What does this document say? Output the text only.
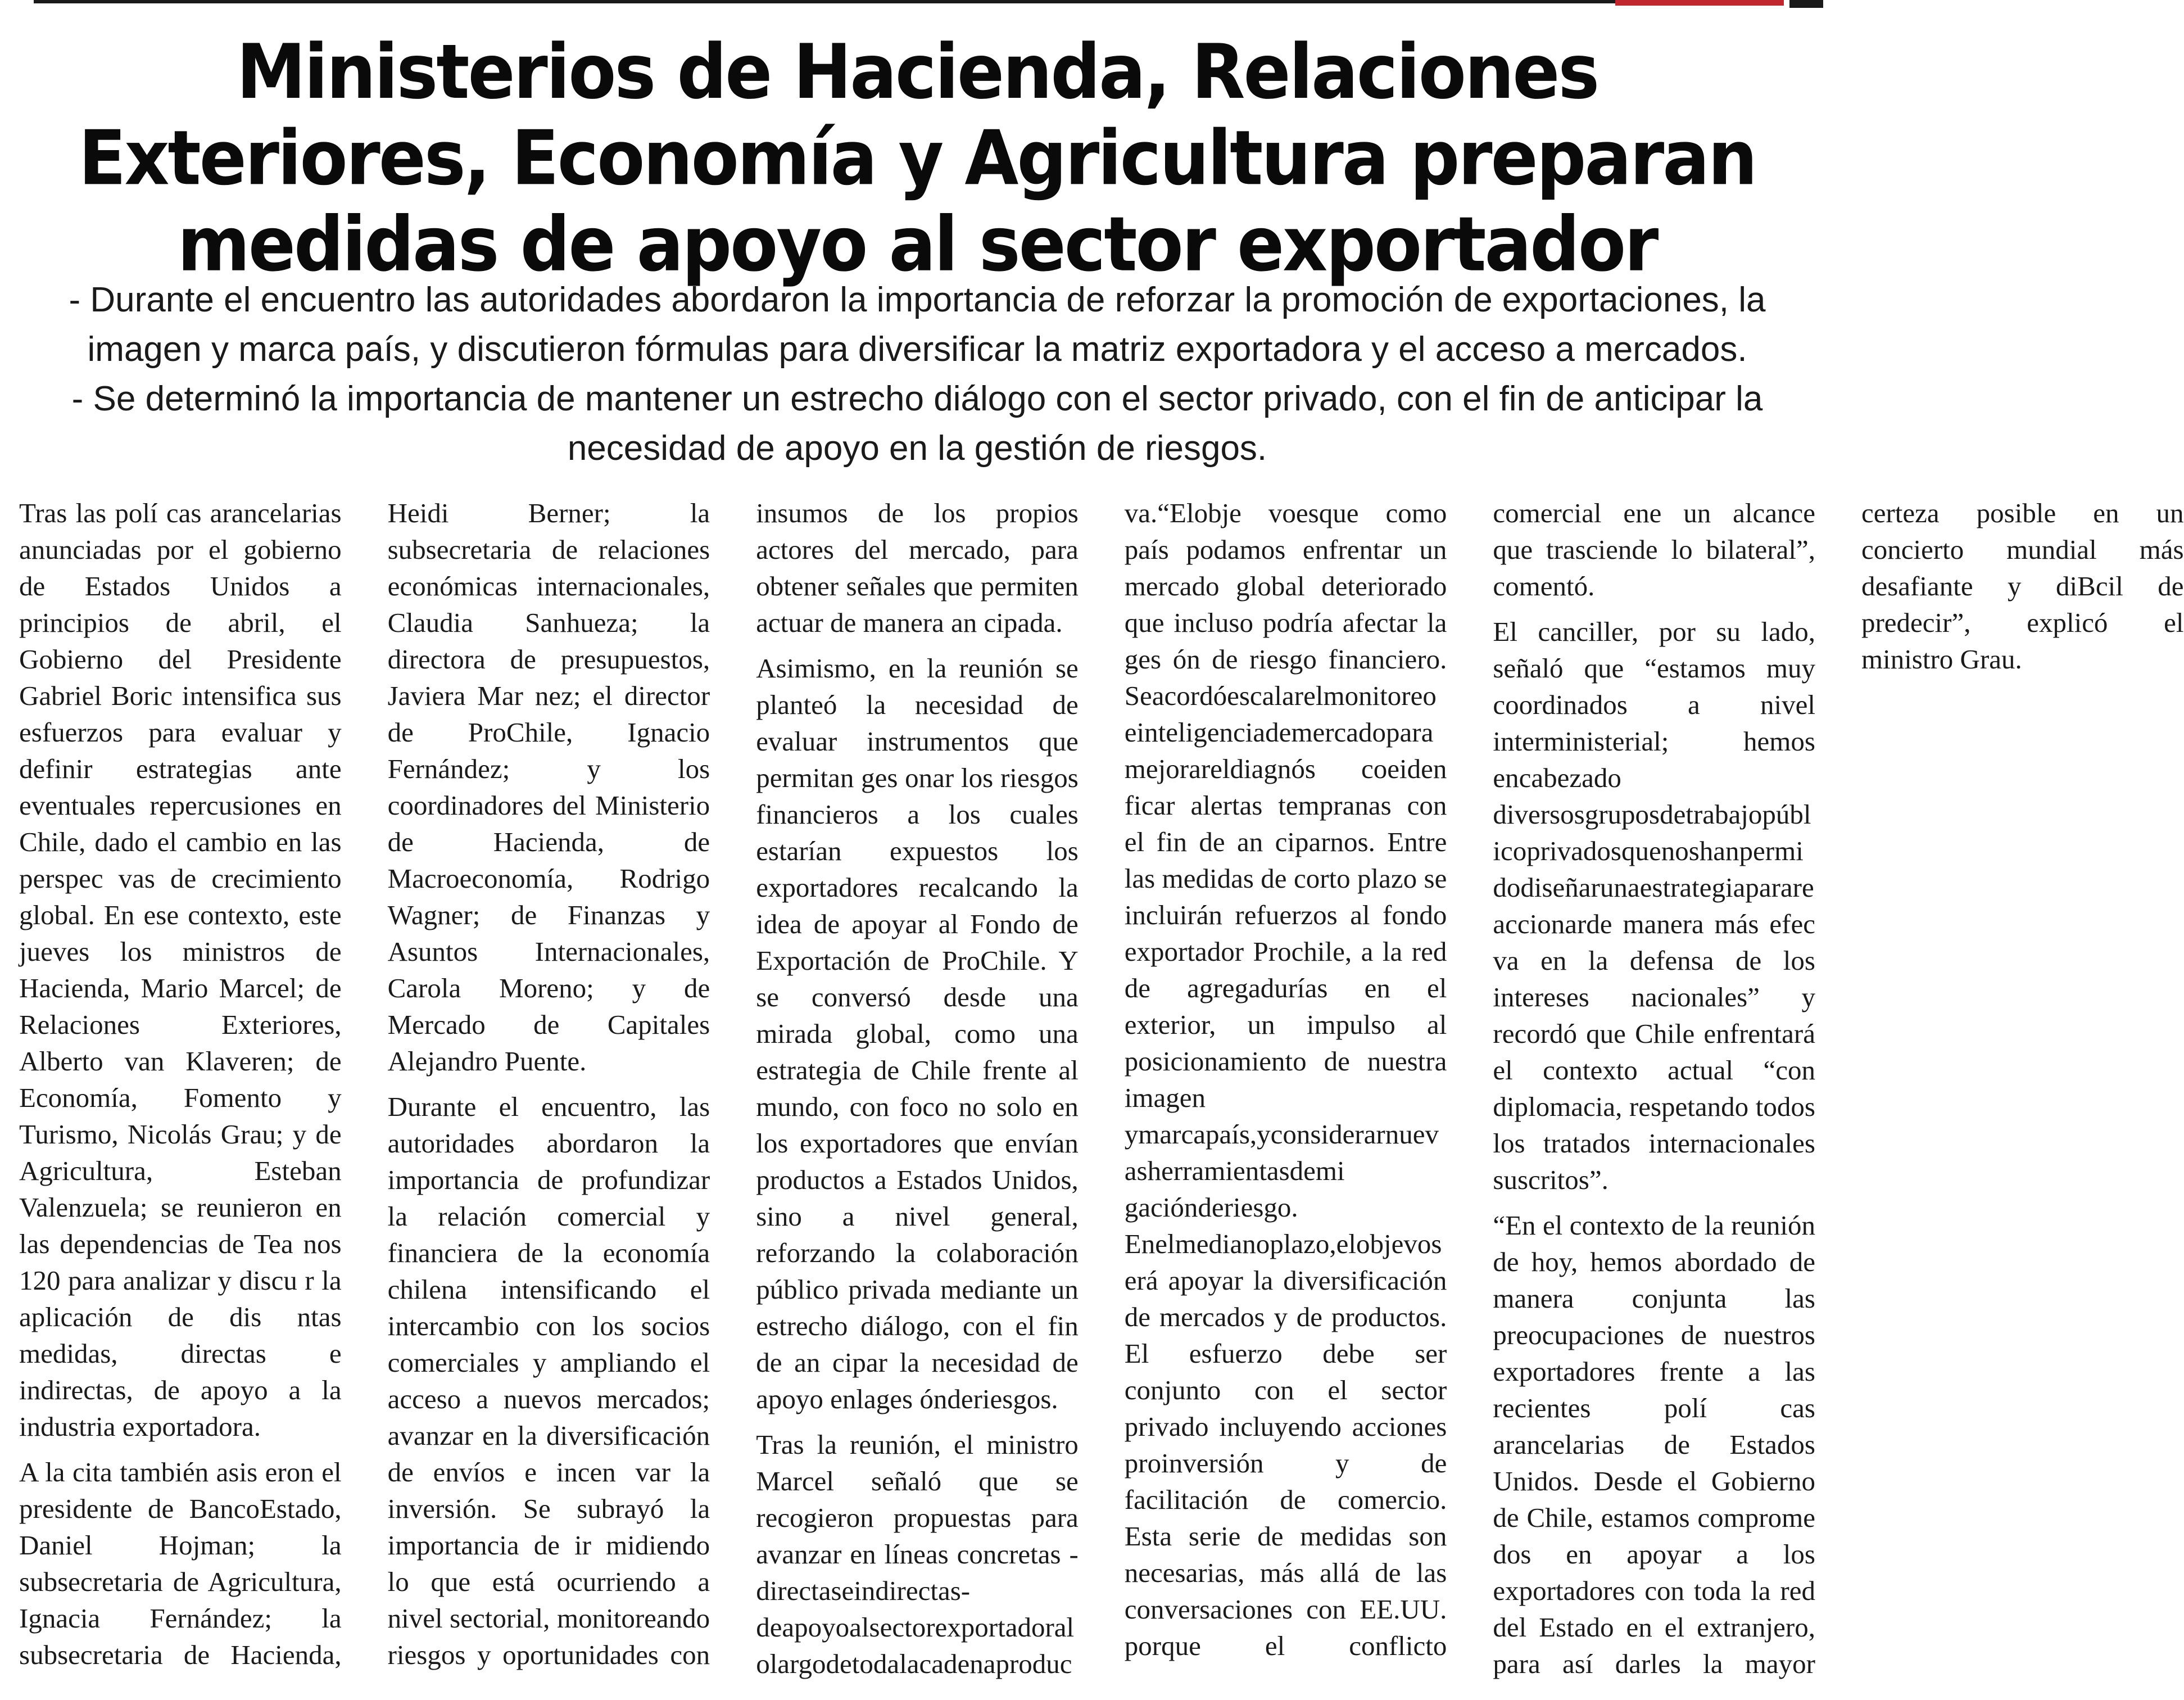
Ministerios de Hacienda, Relaciones Exteriores, Economía y Agricultura preparan medidas de apoyo al sector exportador

- Durante el encuentro las autoridades abordaron la importancia de reforzar la promoción de exportaciones, la imagen y marca país, y discutieron fórmulas para diversificar la matriz exportadora y el acceso a mercados.

- Se determinó la importancia de mantener un estrecho diálogo con el sector privado, con el fin de anticipar la necesidad de apoyo en la gestión de riesgos.

Tras las polí cas arancelarias anunciadas por el gobierno de Estados Unidos a principios de abril, el Gobierno del Presidente Gabriel Boric intensifica sus esfuerzos para evaluar y definir estrategias ante eventuales repercusiones en Chile, dado el cambio en las perspec vas de crecimiento global. En ese contexto, este jueves los ministros de Hacienda, Mario Marcel; de Relaciones Exteriores, Alberto van Klaveren; de Economía, Fomento y Turismo, Nicolás Grau; y de Agricultura, Esteban Valenzuela; se reunieron en las dependencias de Tea nos 120 para analizar y discu r la aplicación de dis ntas medidas, directas e indirectas, de apoyo a la industria exportadora.

A la cita también asis eron el presidente de BancoEstado, Daniel Hojman; la subsecretaria de Agricultura, Ignacia Fernández; la subsecretaria de Hacienda, Heidi Berner; la subsecretaria de relaciones económicas internacionales, Claudia Sanhueza; la directora de presupuestos, Javiera Mar nez; el director de ProChile, Ignacio Fernández; y los coordinadores del Ministerio de Hacienda, de Macroeconomía, Rodrigo Wagner; de Finanzas y Asuntos Internacionales, Carola Moreno; y de Mercado de Capitales Alejandro Puente.

Durante el encuentro, las autoridades abordaron la importancia de profundizar la relación comercial y financiera de la economía chilena intensificando el intercambio con los socios comerciales y ampliando el acceso a nuevos mercados; avanzar en la diversificación de envíos e incen var la inversión. Se subrayó la importancia de ir midiendo lo que está ocurriendo a nivel sectorial, monitoreando riesgos y oportunidades con insumos de los propios actores del mercado, para obtener señales que permiten actuar de manera an cipada.

Asimismo, en la reunión se planteó la necesidad de evaluar instrumentos que permitan ges onar los riesgos financieros a los cuales estarían expuestos los exportadores recalcando la idea de apoyar al Fondo de Exportación de ProChile. Y se conversó desde una mirada global, como una estrategia de Chile frente al mundo, con foco no solo en los exportadores que envían productos a Estados Unidos, sino a nivel general, reforzando la colaboración público privada mediante un estrecho diálogo, con el fin de an cipar la necesidad de apoyo enlages ónderiesgos.

Tras la reunión, el ministro Marcel señaló que se recogieron propuestas para avanzar en líneas concretas - directaseindirectas-deapoyoalsectorexportadoralolargodetodalacadenaproduc va.“Elobje voesque como país podamos enfrentar un mercado global deteriorado que incluso podría afectar la ges ón de riesgo financiero. Seacordóescalarelmonitoreoeinteligenciademercadoparamejorareldiagnós coeiden ficar alertas tempranas con el fin de an ciparnos. Entre las medidas de corto plazo se incluirán refuerzos al fondo exportador Prochile, a la red de agregadurías en el exterior, un impulso al posicionamiento de nuestra imagen ymarcapaís,yconsiderarnuevasherramientasdemi gaciónderiesgo. Enelmedianoplazo,elobjevoserá apoyar la diversificación de mercados y de productos. El esfuerzo debe ser conjunto con el sector privado incluyendo acciones proinversión y de facilitación de comercio. Esta serie de medidas son necesarias, más allá de las conversaciones con EE.UU. porque el conflicto comercial ene un alcance que trasciende lo bilateral”, comentó.

El canciller, por su lado, señaló que “estamos muy coordinados a nivel interministerial; hemos encabezado diversosgruposdetrabajopúblicoprivadosquenoshanpermidodiseñarunaestrategiaparareaccionarde manera más efec va en la defensa de los intereses nacionales” y recordó que Chile enfrentará el contexto actual “con diplomacia, respetando todos los tratados internacionales suscritos”.

“En el contexto de la reunión de hoy, hemos abordado de manera conjunta las preocupaciones de nuestros exportadores frente a las recientes polí cas arancelarias de Estados Unidos. Desde el Gobierno de Chile, estamos comprome dos en apoyar a los exportadores con toda la red del Estado en el extranjero, para así darles la mayor certeza posible en un concierto mundial más desafiante y diBcil de predecir”, explicó el ministro Grau.
